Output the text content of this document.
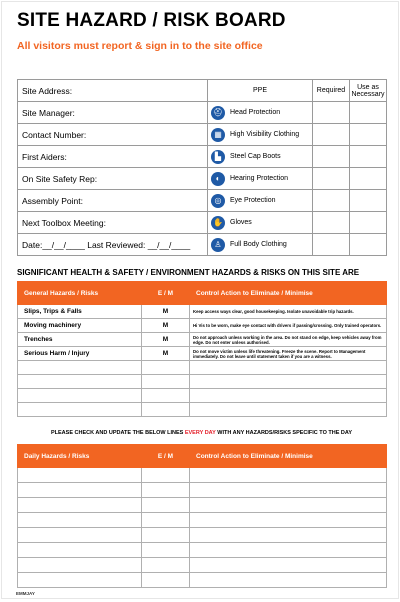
SITE HAZARD / RISK BOARD
All visitors must report & sign in to the site office
Site Address:	PPE	Required	Use as Necessary
Site Manager:	⛑ Head Protection		

Contact Number:	▦ High Visibility Clothing		

First Aiders:	▙ Steel Cap Boots		

On Site Safety Rep:	◐ Hearing Protection		

Assembly Point:	◎ Eye Protection		

Next Toolbox Meeting:	✋ Gloves		

Date:__/__/____ Last Reviewed: __/__/____	♙ Full Body Clothing		

SIGNIFICANT HEALTH & SAFETY / ENVIRONMENT HAZARDS & RISKS ON THIS SITE ARE
General Hazards / Risks	E / M	Control Action to Eliminate / Minimise
Slips, Trips & Falls	M	Keep access ways clear, good housekeeping. Isolate unavoidable trip hazards.
Moving machinery	M	Hi Vis to be worn, make eye contact with drivers if passing/crossing. Only trained operators.
Trenches	M	Do not approach unless working in the area. Do not stand on edge, keep vehicles away from edge. Do not enter unless authorised.
Serious Harm / Injury	M	Do not move victim unless life threatening. Freeze the scene. Report to Management immediately. Do not leave until statement taken if you are a witness.

PLEASE CHECK AND UPDATE THE BELOW LINES EVERY DAY WITH ANY HAZARDS/RISKS SPECIFIC TO THE DAY
Daily Hazards / Risks	E / M	Control Action to Eliminate / Minimise

EMMJAY
